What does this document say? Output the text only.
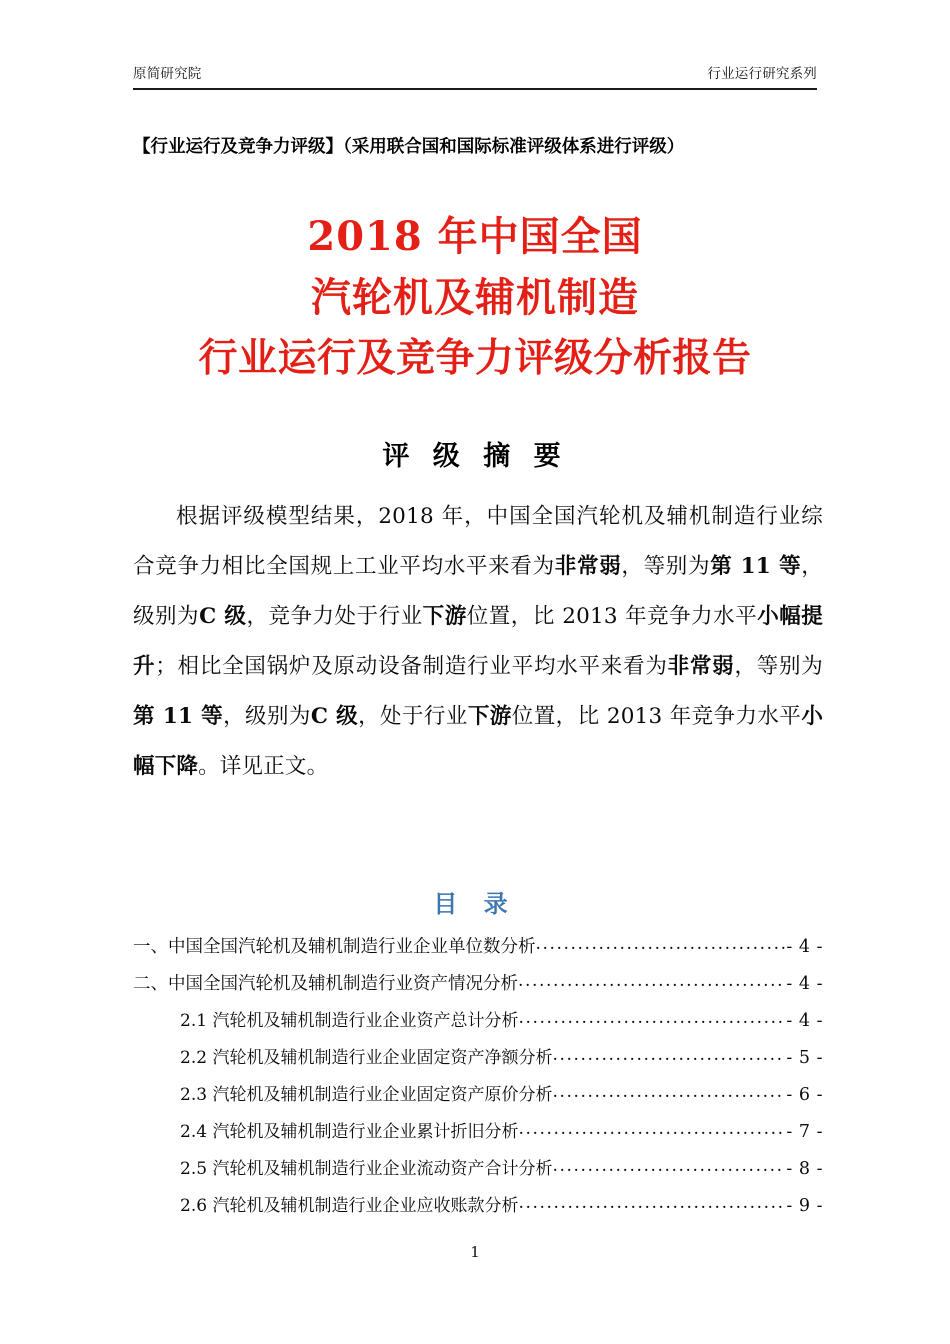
原简研究院	行业运行研究系列
【行业运行及竞争力评级】（采用联合国和国际标准评级体系进行评级）
2018 年中国全国
汽轮机及辅机制造
行业运行及竞争力评级分析报告
评 级 摘 要
根据评级模型结果，2018 年，中国全国汽轮机及辅机制造行业综合竞争力相比全国规上工业平均水平来看为非常弱，等别为第 11 等，级别为C 级，竞争力处于行业下游位置，比 2013 年竞争力水平小幅提升；相比全国锅炉及原动设备制造行业平均水平来看为非常弱，等别为第 11 等，级别为C 级，处于行业下游位置，比 2013 年竞争力水平小幅下降。详见正文。
目 录
一、中国全国汽轮机及辅机制造行业企业单位数分析 .....	- 4 -
二、中国全国汽轮机及辅机制造行业资产情况分析 .....	- 4 -
2.1 汽轮机及辅机制造行业企业资产总计分析 .....	- 4 -
2.2 汽轮机及辅机制造行业企业固定资产净额分析 .....	- 5 -
2.3 汽轮机及辅机制造行业企业固定资产原价分析 .....	- 6 -
2.4 汽轮机及辅机制造行业企业累计折旧分析 .....	- 7 -
2.5 汽轮机及辅机制造行业企业流动资产合计分析 .....	- 8 -
2.6 汽轮机及辅机制造行业企业应收账款分析 .....	- 9 -
1
